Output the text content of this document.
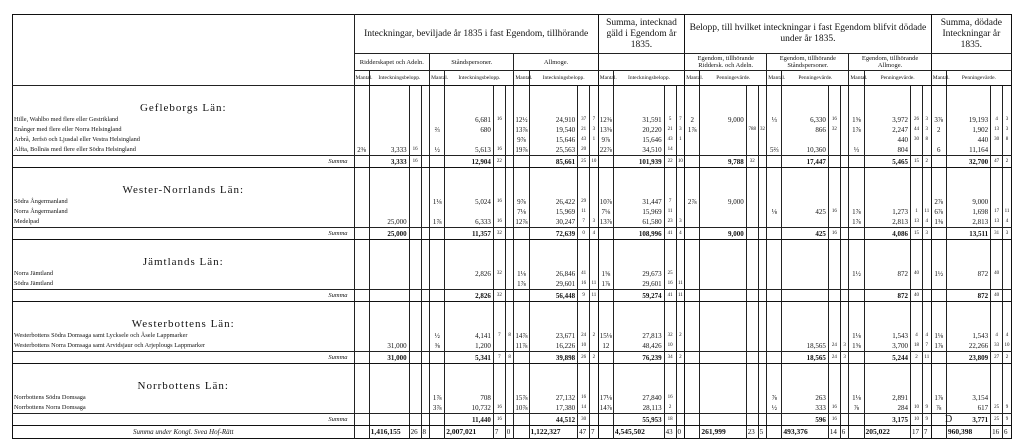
	Inteckningar, beviljade år 1835 i fast Egendom, tillhörande												Summa, intecknad gäld i Egendom år 1835.				Belopp, till hvilket inteckningar i fast Egendom blifvit dödade under år 1835.												Summa, dödade Inteckningar år 1835.			
	Ridderskapet och Adeln.				Ståndspersoner.				Allmoge.								Egendom, tillhörande Riddersk. och Adeln.				Egendom, tillhörande Ståndspersoner.				Egendom, tillhörande Allmoge.							
	Mantal.	Inteckningsbelopp.			Mantal.	Inteckningsbelopp.			Mantal.	Inteckningsbelopp.			Mantal.	Inteckningsbelopp.			Mantal.	Penningevärde.			Mantal.	Penningevärde.			Mantal.	Penningevärde.			Mantal.	Penningevärde.		
Gefleborgs Län:																																
Hille, Wahlbo med flere eller Gestrikland						6,681	16		12½	24,910	37	7	12⅜	31,591	5	7	2	9,000			⅓	6,330	16		1⅝	3,972	26	3	3⅞	19,193	4	3
Enånger med flere eller Norra Helsingland					⅔	680			13⅞	19,540	21	3	13⅝	20,220	21	3	1⅞		788	32		866	32		1⅞	2,247	44	3	2	1,902	13	3
Arbrå, Jerfsö och Ljusdal eller Vestra Helsingland									9⅞	15,646	43	1	9⅞	15,646	43	1										440	30	8		440	30	8
Alfta, Bollnäs med flere eller Södra Helsingland	2⅜	3,333	16		½	5,613	16		19⅞	25,563	20		22⅞	34,510	14						5⅔	10,360			⅓	804			6	11,164		
Summa		3,333	16			12,904	22			85,661	25	10		101,939	22	10		9,788	32			17,447				5,465	15	2		32,700	47	2
Wester-Norrlands Län:																																
Södra Ångermanland					1⅛	5,024	16		9⅞	26,422	29		10⅞	31,447	7		2⅞	9,000											2⅞	9,000		
Norra Ångermanland									7⅛	15,969	11		7⅛	15,969	11						⅛	425	16		1⅞	1,273	1	11	6⅞	1,698	17	11
Medelpad		25,000			1⅞	6,333	16		12⅞	30,247	7	3	13⅞	61,580	23	3									1⅞	2,813	13	4	1⅜	2,813	13	4
Summa		25,000				11,357	32			72,639	0	4		108,996	41	4		9,000				425	16			4,086	15	3		13,511	31	3
Jämtlands Län:																																
Norra Jämtland						2,826	32		1⅛	26,846	41		1⅝	29,673	25										1½	872	40		1½	872	40	
Södra Jämtland									1⅞	29,601	16	11	1⅞	29,601	16	11																
Summa						2,826	32			56,448	9	11		59,274	41	11										872	40			872	40	
Westerbottens Län:																																
Westerbottens Södra Domsaga samt Lycksele och Åsele Lappmarker					½	4,141	7	8	14⅞	23,671	24	2	15⅛	27,813	32	2									1⅛	1,543	4	4	1⅛	1,543	4	4
Westerbottens Norra Domsaga samt Arvidsjaur och Arjeplougs Lappmarker		31,000			⅜	1,200			11⅞	16,226	10		12	48,426	10							18,565	24	3	1⅝	3,700	18	7	1⅞	22,266	33	10
Summa		31,000				5,341	7	8		39,898	26	2		76,239	34	2						18,565	24	3		5,244	2	11		23,809	27	2
Norrbottens Län:																																
Norrbottens Södra Domsaga					1⅞	708			15⅞	27,132	16		17⅛	27,840	16						⅞	263			1⅛	2,891			1⅞	3,154		
Norrbottens Norra Domsaga					3⅞	10,732	16		10⅞	17,380	14		14⅞	28,113	2						½	333	16		⅞	284	10	9	⅞	617	25	9
Summa						11,440	16			44,512	30			55,953	18							596	16			3,175	10	9		3,771	25	9
Summa under Kongl. Svea Hof-Rätt		1,416,155	26	8		2,007,021	7	0		1,122,327	47	7		4,545,502	43	0		261,999	23	5		493,376	14	6		205,022	17	7		960,398	16	6
D
